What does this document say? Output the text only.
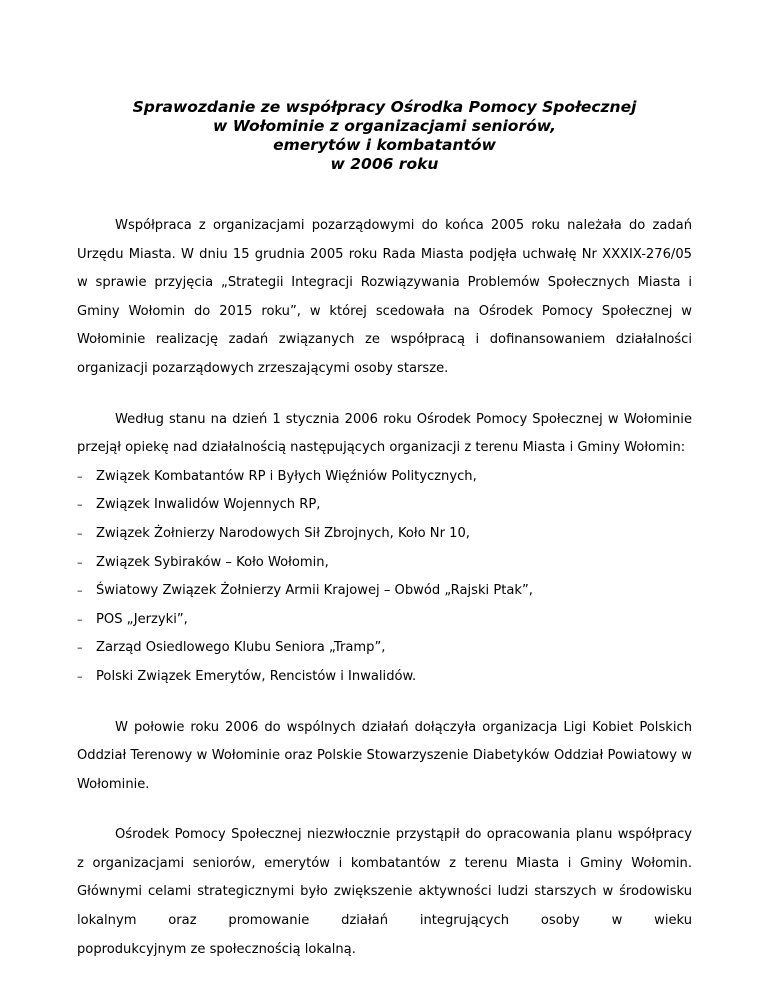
Sprawozdanie ze współpracy Ośrodka Pomocy Społecznej
w Wołominie z organizacjami seniorów,
emerytów i kombatantów
w 2006 roku

Współpraca z organizacjami pozarządowymi do końca 2005 roku należała do zadań Urzędu Miasta. W dniu 15 grudnia 2005 roku Rada Miasta podjęła uchwałę Nr XXXIX-276/05 w sprawie przyjęcia „Strategii Integracji Rozwiązywania Problemów Społecznych Miasta i Gminy Wołomin do 2015 roku”, w której scedowała na Ośrodek Pomocy Społecznej w Wołominie realizację zadań związanych ze współpracą i dofinansowaniem działalności organizacji pozarządowych zrzeszającymi osoby starsze.

Według stanu na dzień 1 stycznia 2006 roku Ośrodek Pomocy Społecznej w Wołominie przejął opiekę nad działalnością następujących organizacji z terenu Miasta i Gminy Wołomin:

– Związek Kombatantów RP i Byłych Więźniów Politycznych,
– Związek Inwalidów Wojennych RP,
– Związek Żołnierzy Narodowych Sił Zbrojnych, Koło Nr 10,
– Związek Sybiraków – Koło Wołomin,
– Światowy Związek Żołnierzy Armii Krajowej – Obwód „Rajski Ptak”,
– POS „Jerzyki”,
– Zarząd Osiedlowego Klubu Seniora „Tramp”,
– Polski Związek Emerytów, Rencistów i Inwalidów.

W połowie roku 2006 do wspólnych działań dołączyła organizacja Ligi Kobiet Polskich Oddział Terenowy w Wołominie oraz Polskie Stowarzyszenie Diabetyków Oddział Powiatowy w Wołominie.

Ośrodek Pomocy Społecznej niezwłocznie przystąpił do opracowania planu współpracy z organizacjami seniorów, emerytów i kombatantów z terenu Miasta i Gminy Wołomin. Głównymi celami strategicznymi było zwiększenie aktywności ludzi starszych w środowisku lokalnym oraz promowanie działań integrujących osoby w wieku

poprodukcyjnym ze społecznością lokalną.
